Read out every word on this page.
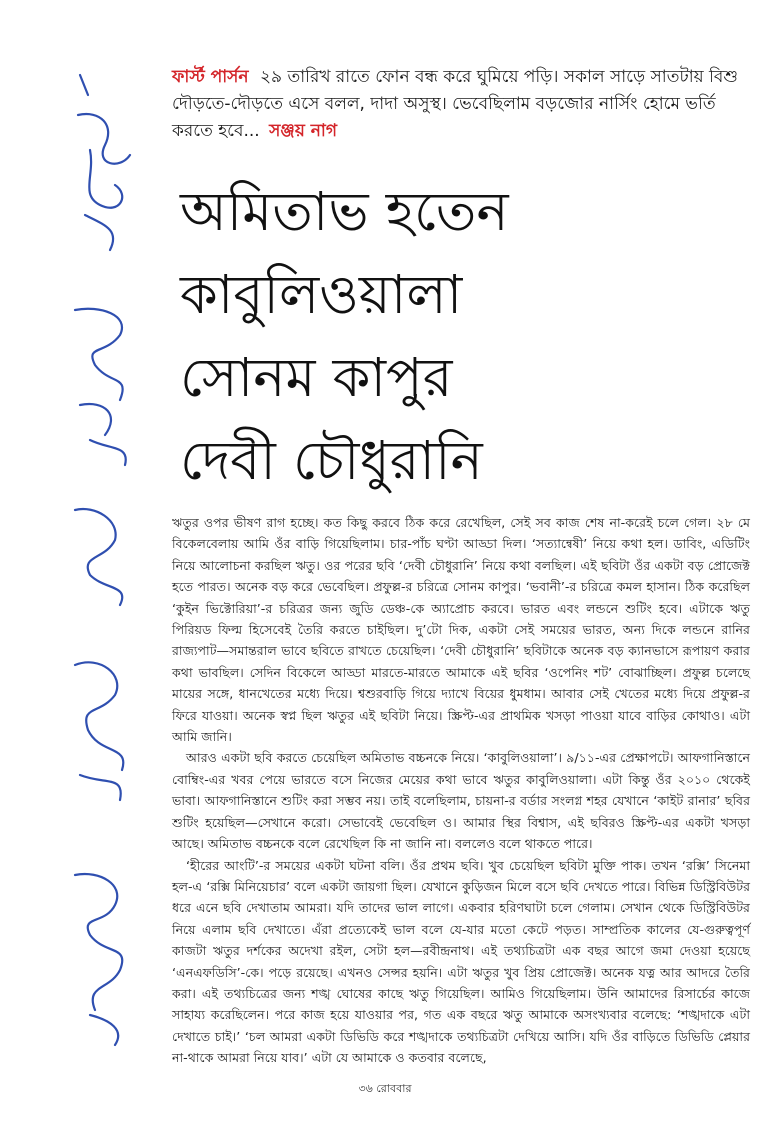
ফার্স্ট পার্সন ২৯ তারিখ রাতে ফোন বন্ধ করে ঘুমিয়ে পড়ি। সকাল সাড়ে সাতটায় বিশু দৌড়তে-দৌড়তে এসে বলল, দাদা অসুস্থ। ভেবেছিলাম বড়জোর নার্সিং হোমে ভর্তি করতে হবে... সঞ্জয় নাগ
অমিতাভ হতেন
কাবুলিওয়ালা
সোনম কাপুর
দেবী চৌধুরানি

ঋতুর ওপর ভীষণ রাগ হচ্ছে। কত কিছু করবে ঠিক করে রেখেছিল, সেই সব কাজ শেষ না-করেই চলে গেল। ২৮ মে বিকেলবেলায় আমি ওঁর বাড়ি গিয়েছিলাম। চার-পাঁচ ঘণ্টা আড্ডা দিল। ‘সত্যান্বেষী’ নিয়ে কথা হল। ডাবিং, এডিটিং নিয়ে আলোচনা করছিল ঋতু। ওর পরের ছবি ‘দেবী চৌধুরানি’ নিয়ে কথা বলছিল। এই ছবিটা ওঁর একটা বড় প্রোজেক্ট হতে পারত। অনেক বড় করে ভেবেছিল। প্রফুল্ল-র চরিত্রে সোনম কাপুর। ‘ভবানী’-র চরিত্রে কমল হাসান। ঠিক করেছিল ‘কুইন ভিক্টোরিয়া’-র চরিত্রর জন্য জুডি ডেঞ্চ-কে অ্যাপ্রোচ করবে। ভারত এবং লন্ডনে শুটিং হবে। এটাকে ঋতু পিরিয়ড ফিল্ম হিসেবেই তৈরি করতে চাইছিল। দু’টো দিক, একটা সেই সময়ের ভারত, অন্য দিকে লন্ডনে রানির রাজ্যপাট—সমান্তরাল ভাবে ছবিতে রাখতে চেয়েছিল। ‘দেবী চৌধুরানি’ ছবিটাকে অনেক বড় ক্যানভাসে রূপায়ণ করার কথা ভাবছিল। সেদিন বিকেলে আড্ডা মারতে-মারতে আমাকে এই ছবির ‘ওপেনিং শট’ বোঝাচ্ছিল। প্রফুল্ল চলেছে মায়ের সঙ্গে, ধানখেতের মধ্যে দিয়ে। শ্বশুরবাড়ি গিয়ে দ্যাখে বিয়ের ধুমধাম। আবার সেই খেতের মধ্যে দিয়ে প্রফুল্ল-র ফিরে যাওয়া। অনেক স্বপ্ন ছিল ঋতুর এই ছবিটা নিয়ে। স্ক্রিপ্ট-এর প্রাথমিক খসড়া পাওয়া যাবে বাড়ির কোথাও। এটা আমি জানি।

আরও একটা ছবি করতে চেয়েছিল অমিতাভ বচ্চনকে নিয়ে। ‘কাবুলিওয়ালা’। ৯/১১-এর প্রেক্ষাপটে। আফগানিস্তানে বোম্বিং-এর খবর পেয়ে ভারতে বসে নিজের মেয়ের কথা ভাবে ঋতুর কাবুলিওয়ালা। এটা কিন্তু ওঁর ২০১০ থেকেই ভাবা। আফগানিস্তানে শুটিং করা সম্ভব নয়। তাই বলেছিলাম, চায়না-র বর্ডার সংলগ্ন শহর যেখানে ‘কাইট রানার’ ছবির শুটিং হয়েছিল—সেখানে করো। সেভাবেই ভেবেছিল ও। আমার স্থির বিশ্বাস, এই ছবিরও স্ক্রিপ্ট-এর একটা খসড়া আছে। অমিতাভ বচ্চনকে বলে রেখেছিল কি না জানি না। বললেও বলে থাকতে পারে।

‘হীরের আংটি’-র সময়ের একটা ঘটনা বলি। ওঁর প্রথম ছবি। খুব চেয়েছিল ছবিটা মুক্তি পাক। তখন ‘রক্সি’ সিনেমা হল-এ ‘রক্সি মিনিয়েচার’ বলে একটা জায়গা ছিল। যেখানে কুড়িজন মিলে বসে ছবি দেখতে পারে। বিভিন্ন ডিস্ট্রিবিউটর ধরে এনে ছবি দেখাতাম আমরা। যদি তাদের ভাল লাগে। একবার হরিণঘাটা চলে গেলাম। সেখান থেকে ডিস্ট্রিবিউটর নিয়ে এলাম ছবি দেখাতে। এঁরা প্রত্যেকেই ভাল বলে যে-যার মতো কেটে পড়ত। সাম্প্রতিক কালের যে-গুরুত্বপূর্ণ কাজটা ঋতুর দর্শকের অদেখা রইল, সেটা হল—রবীন্দ্রনাথ। এই তথ্যচিত্রটা এক বছর আগে জমা দেওয়া হয়েছে ‘এনএফডিসি’-কে। পড়ে রয়েছে। এখনও সেন্সর হয়নি। এটা ঋতুর খুব প্রিয় প্রোজেক্ট। অনেক যত্ন আর আদরে তৈরি করা। এই তথ্যচিত্রের জন্য শঙ্খ ঘোষের কাছে ঋতু গিয়েছিল। আমিও গিয়েছিলাম। উনি আমাদের রিসার্চের কাজে সাহায্য করেছিলেন। পরে কাজ হয়ে যাওয়ার পর, গত এক বছরে ঋতু আমাকে অসংখ্যবার বলেছে: ‘শঙ্খদাকে এটা দেখাতে চাই।’ ‘চল আমরা একটা ডিভিডি করে শঙ্খদাকে তথ্যচিত্রটা দেখিয়ে আসি। যদি ওঁর বাড়িতে ডিভিডি প্লেয়ার না-থাকে আমরা নিয়ে যাব।’ এটা যে আমাকে ও কতবার বলেছে,

৩৬ রোববার
